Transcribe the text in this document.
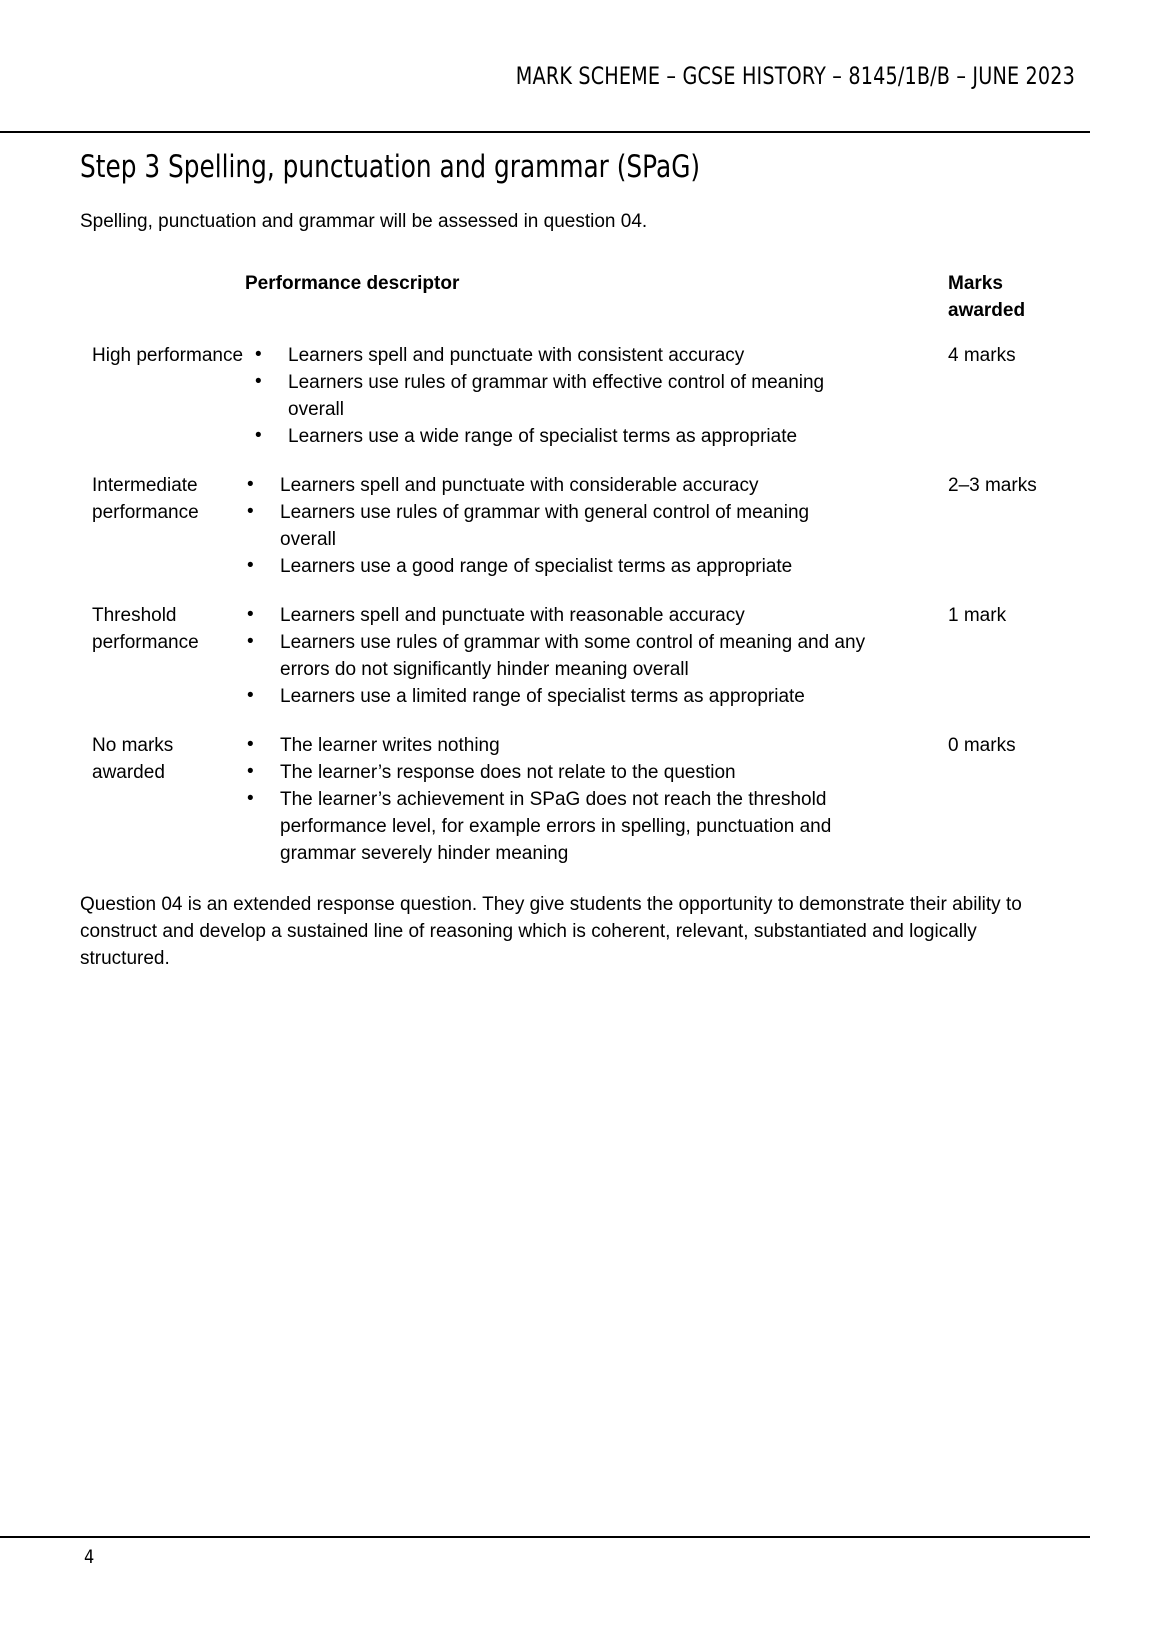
MARK SCHEME – GCSE HISTORY – 8145/1B/B – JUNE 2023
Step 3 Spelling, punctuation and grammar (SPaG)
Spelling, punctuation and grammar will be assessed in question 04.
Performance descriptor	Marks awarded
High performance • Learners spell and punctuate with consistent accuracy
• Learners use rules of grammar with effective control of meaning overall
• Learners use a wide range of specialist terms as appropriate
4 marks
Intermediate performance
• Learners spell and punctuate with considerable accuracy
• Learners use rules of grammar with general control of meaning overall
• Learners use a good range of specialist terms as appropriate
2–3 marks
Threshold performance
• Learners spell and punctuate with reasonable accuracy
• Learners use rules of grammar with some control of meaning and any errors do not significantly hinder meaning overall
• Learners use a limited range of specialist terms as appropriate
1 mark
No marks awarded
• The learner writes nothing
• The learner’s response does not relate to the question
• The learner’s achievement in SPaG does not reach the threshold performance level, for example errors in spelling, punctuation and grammar severely hinder meaning
0 marks
Question 04 is an extended response question. They give students the opportunity to demonstrate their ability to construct and develop a sustained line of reasoning which is coherent, relevant, substantiated and logically structured.
4
